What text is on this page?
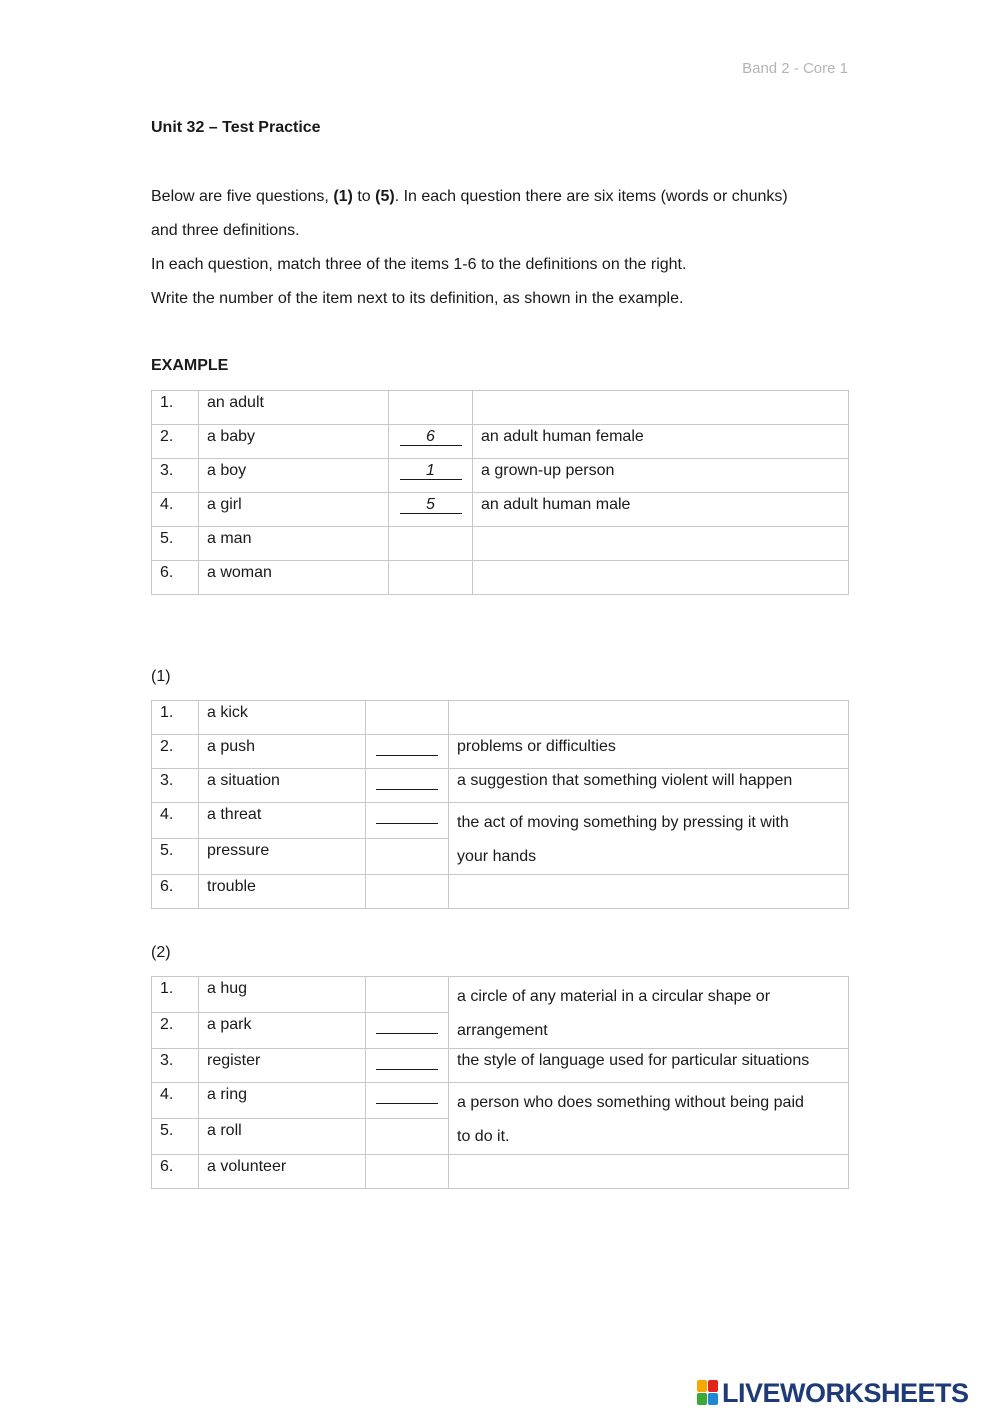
Band 2 - Core 1
Unit 32 – Test Practice
Below are five questions, (1) to (5). In each question there are six items (words or chunks)
and three definitions.
In each question, match three of the items 1-6 to the definitions on the right.
Write the number of the item next to its definition, as shown in the example.
EXAMPLE
1.	an adult		
2.	a baby	6	an adult human female
3.	a boy	1	a grown-up person
4.	a girl	5	an adult human male
5.	a man		
6.	a woman		
(1)
1.	a kick		
2.	a push		problems or difficulties
3.	a situation		a suggestion that something violent will happen
4.	a threat		the act of moving something by pressing it with
your hands

5.	pressure		
6.	trouble		
(2)
1.	a hug		a circle of any material in a circular shape or
arrangement

2.	a park		
3.	register		the style of language used for particular situations
4.	a ring		a person who does something without being paid
to do it.

5.	a roll		
6.	a volunteer		
LIVEWORKSHEETS
